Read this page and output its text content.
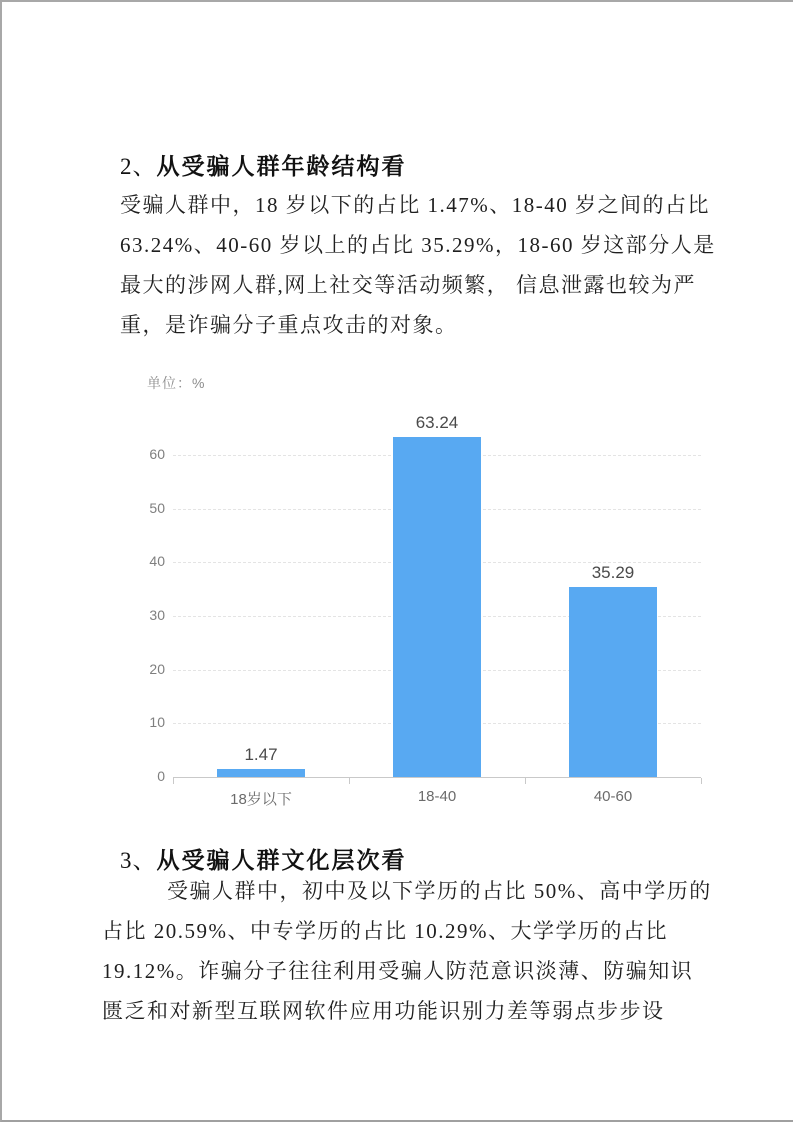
2、从受骗人群年龄结构看
受骗人群中，18 岁以下的占比 1.47%、18-40 岁之间的占比
63.24%、40-60 岁以上的占比 35.29%，18-60 岁这部分人是
最大的涉网人群,网上社交等活动频繁， 信息泄露也较为严
重，是诈骗分子重点攻击的对象。
单位：%
0
10
20
30
40
50
60
1.47
18岁以下
63.24
18-40
35.29
40-60
3、从受骗人群文化层次看
受骗人群中，初中及以下学历的占比 50%、高中学历的
占比 20.59%、中专学历的占比 10.29%、大学学历的占比
19.12%。诈骗分子往往利用受骗人防范意识淡薄、防骗知识
匮乏和对新型互联网软件应用功能识别力差等弱点步步设
